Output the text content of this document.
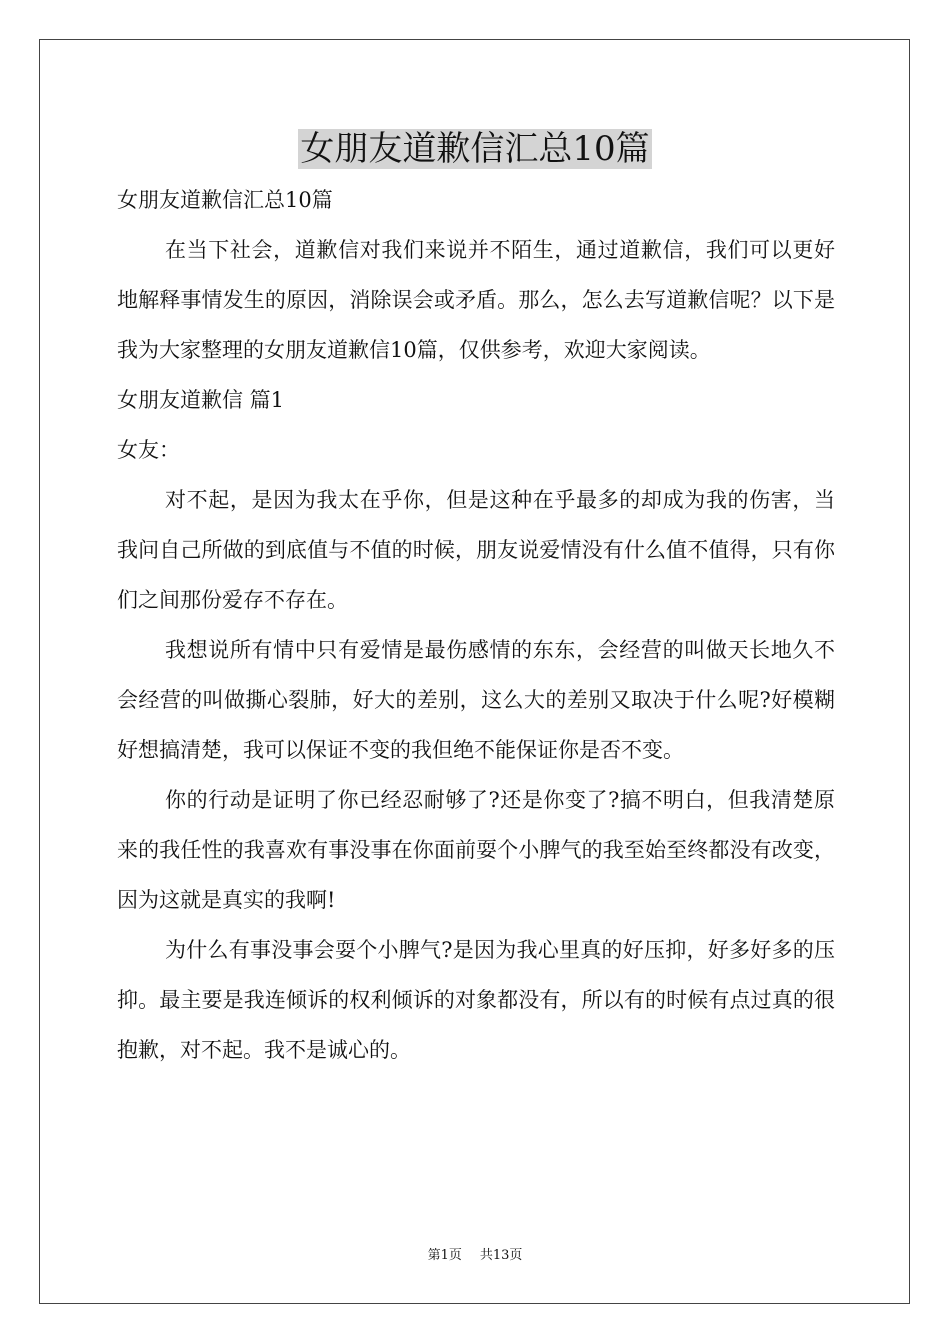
女朋友道歉信汇总10篇

女朋友道歉信汇总10篇

在当下社会，道歉信对我们来说并不陌生，通过道歉信，我们可以更好地解释事情发生的原因，消除误会或矛盾。那么，怎么去写道歉信呢？以下是我为大家整理的女朋友道歉信10篇，仅供参考，欢迎大家阅读。

女朋友道歉信 篇1

女友：

对不起，是因为我太在乎你，但是这种在乎最多的却成为我的伤害，当我问自己所做的到底值与不值的时候，朋友说爱情没有什么值不值得，只有你们之间那份爱存不存在。

我想说所有情中只有爱情是最伤感情的东东，会经营的叫做天长地久不会经营的叫做撕心裂肺，好大的差别，这么大的差别又取决于什么呢?好模糊好想搞清楚，我可以保证不变的我但绝不能保证你是否不变。

你的行动是证明了你已经忍耐够了?还是你变了?搞不明白，但我清楚原来的我任性的我喜欢有事没事在你面前耍个小脾气的我至始至终都没有改变，因为这就是真实的我啊!

为什么有事没事会耍个小脾气?是因为我心里真的好压抑，好多好多的压抑。最主要是我连倾诉的权利倾诉的对象都没有，所以有的时候有点过真的很抱歉，对不起。我不是诚心的。

第1页 共13页
